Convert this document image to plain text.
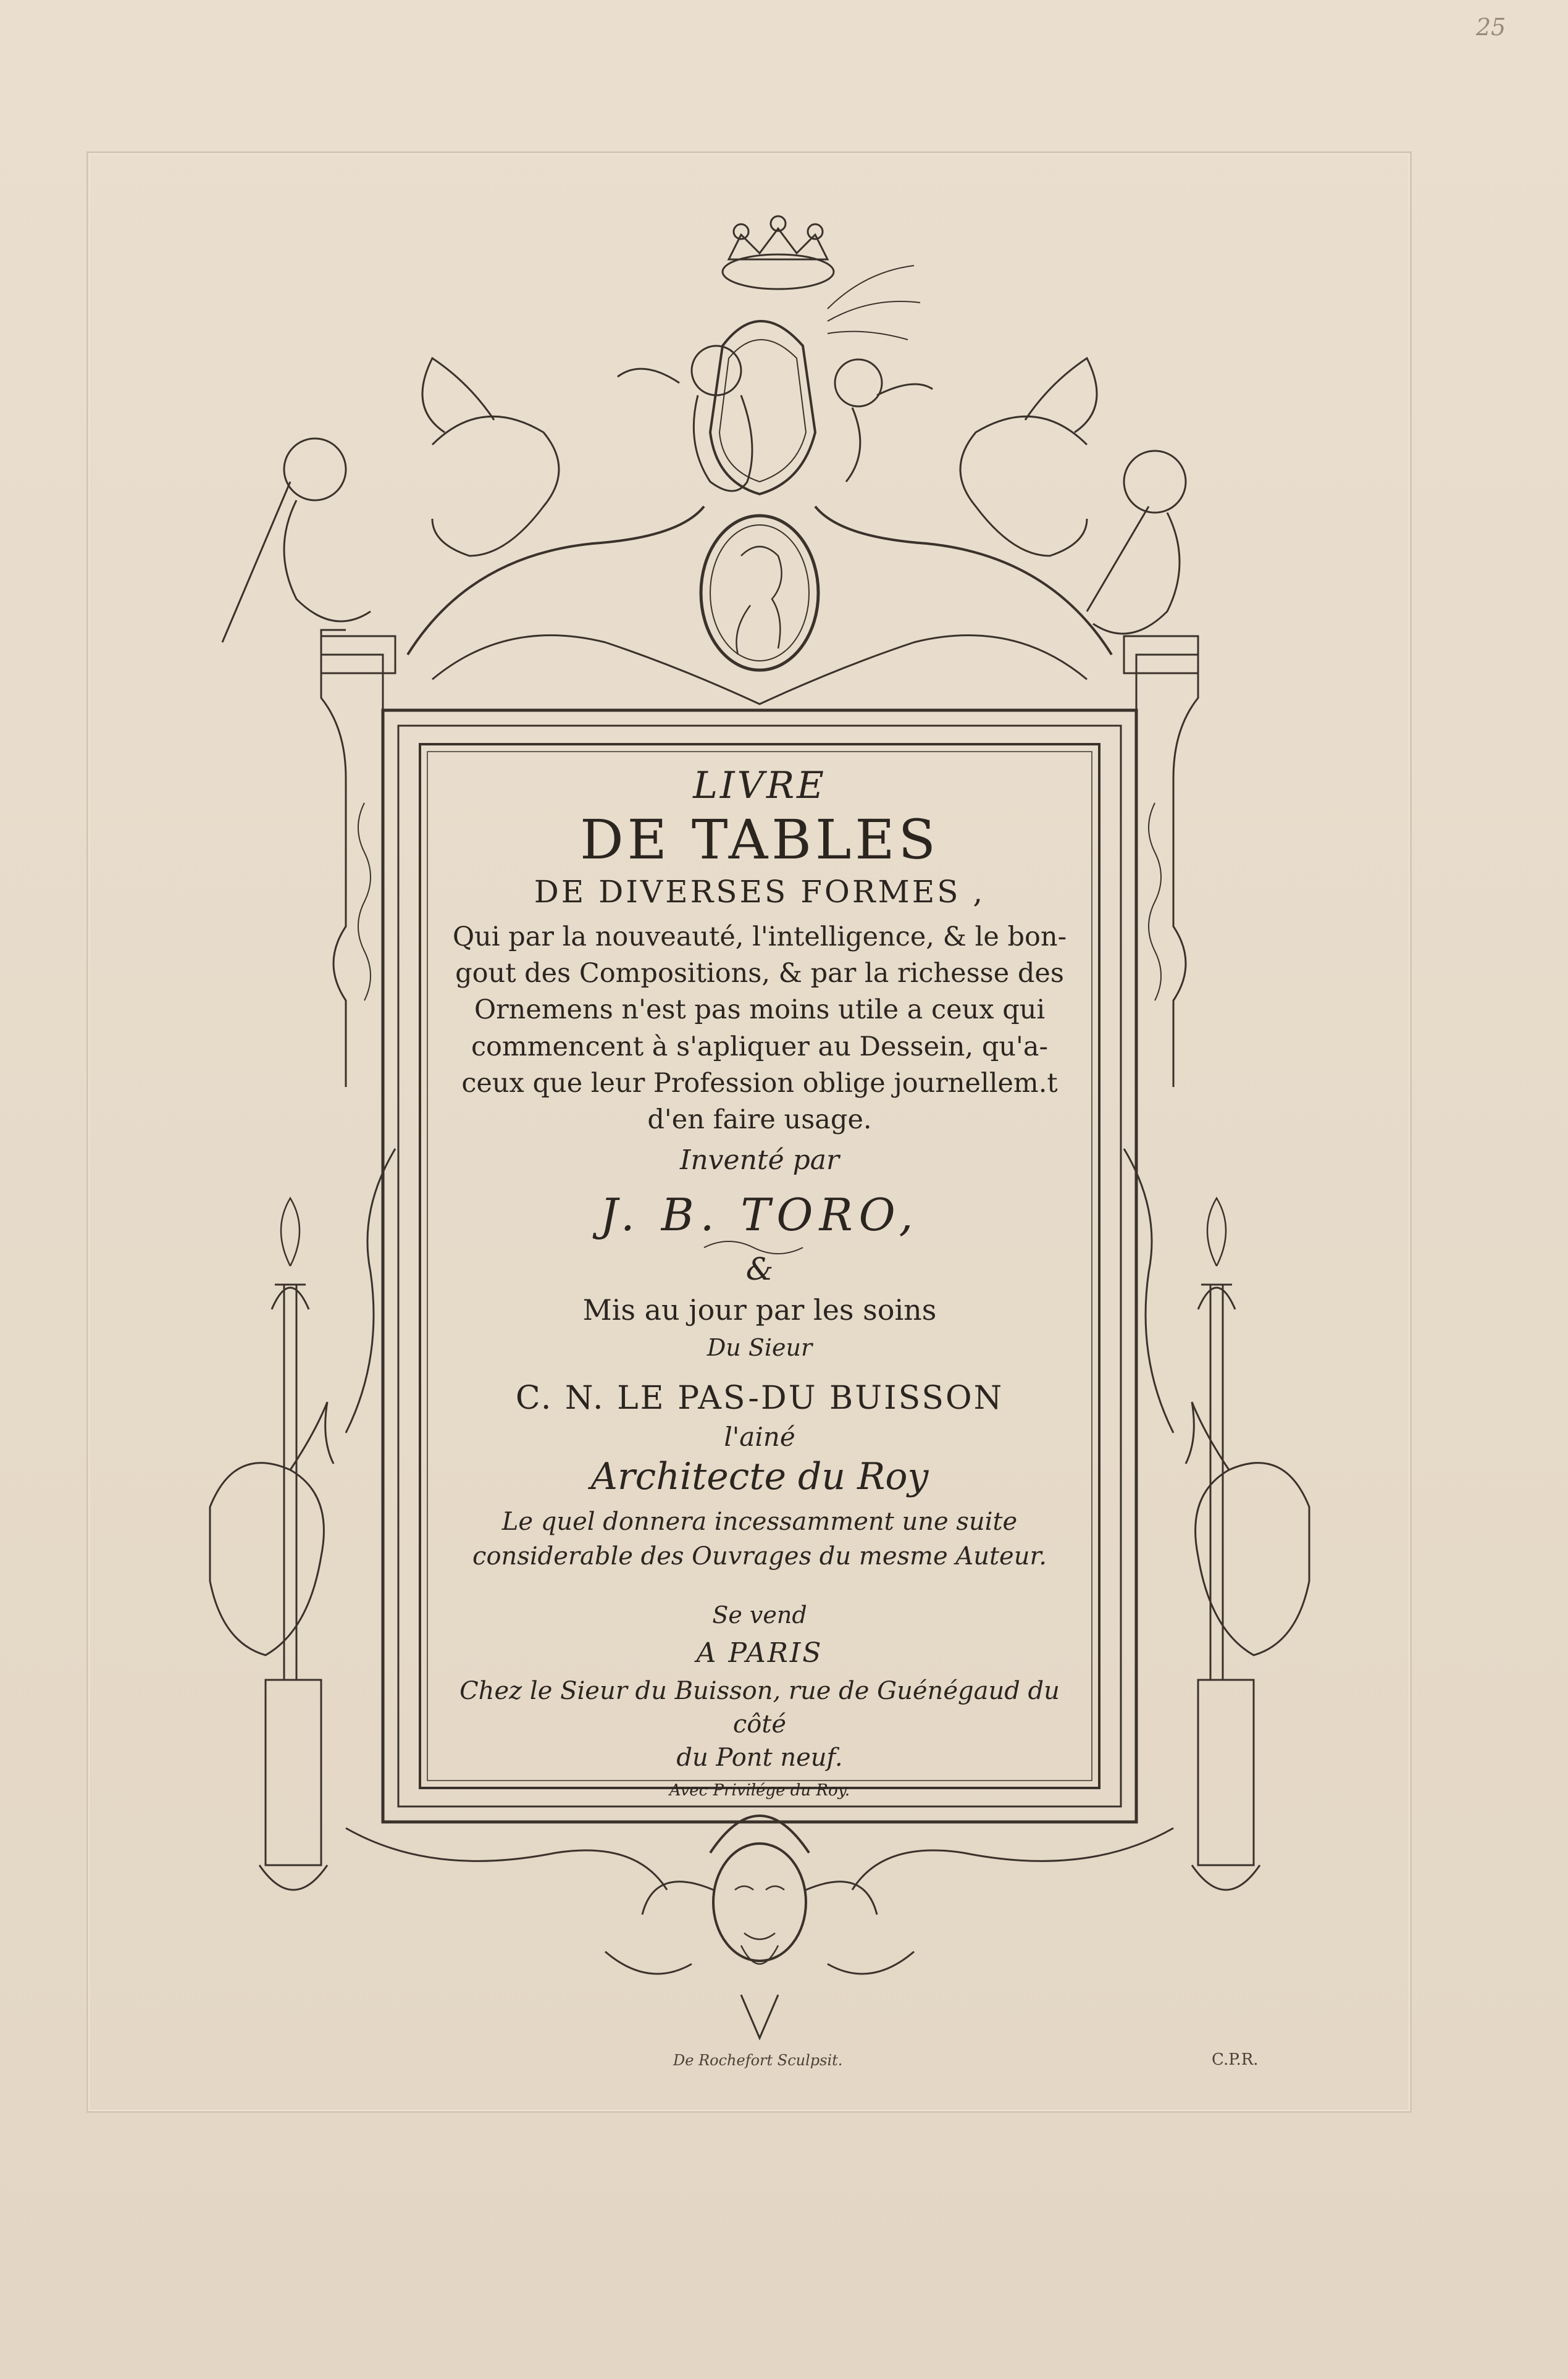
25
LIVRE
DE TABLES
DE DIVERSES FORMES ,
Qui par la nouveauté, l'intelligence, & le bon-
gout des Compositions, & par la richesse des
Ornemens n'est pas moins utile a ceux qui
commencent à s'apliquer au Dessein, qu'a-
ceux que leur Profession oblige journellem.t
d'en faire usage.
Inventé par
J. B. TORO,
&
Mis au jour par les soins
Du Sieur
C. N. LE PAS-DU BUISSON
l'ainé
Architecte du Roy
Le quel donnera incessamment une suite
considerable des Ouvrages du mesme Auteur.
Se vend
A PARIS
Chez le Sieur du Buisson, rue de Guénégaud du côté
du Pont neuf.
Avec Privilége du Roy.
De Rochefort Sculpsit.	C.P.R.
